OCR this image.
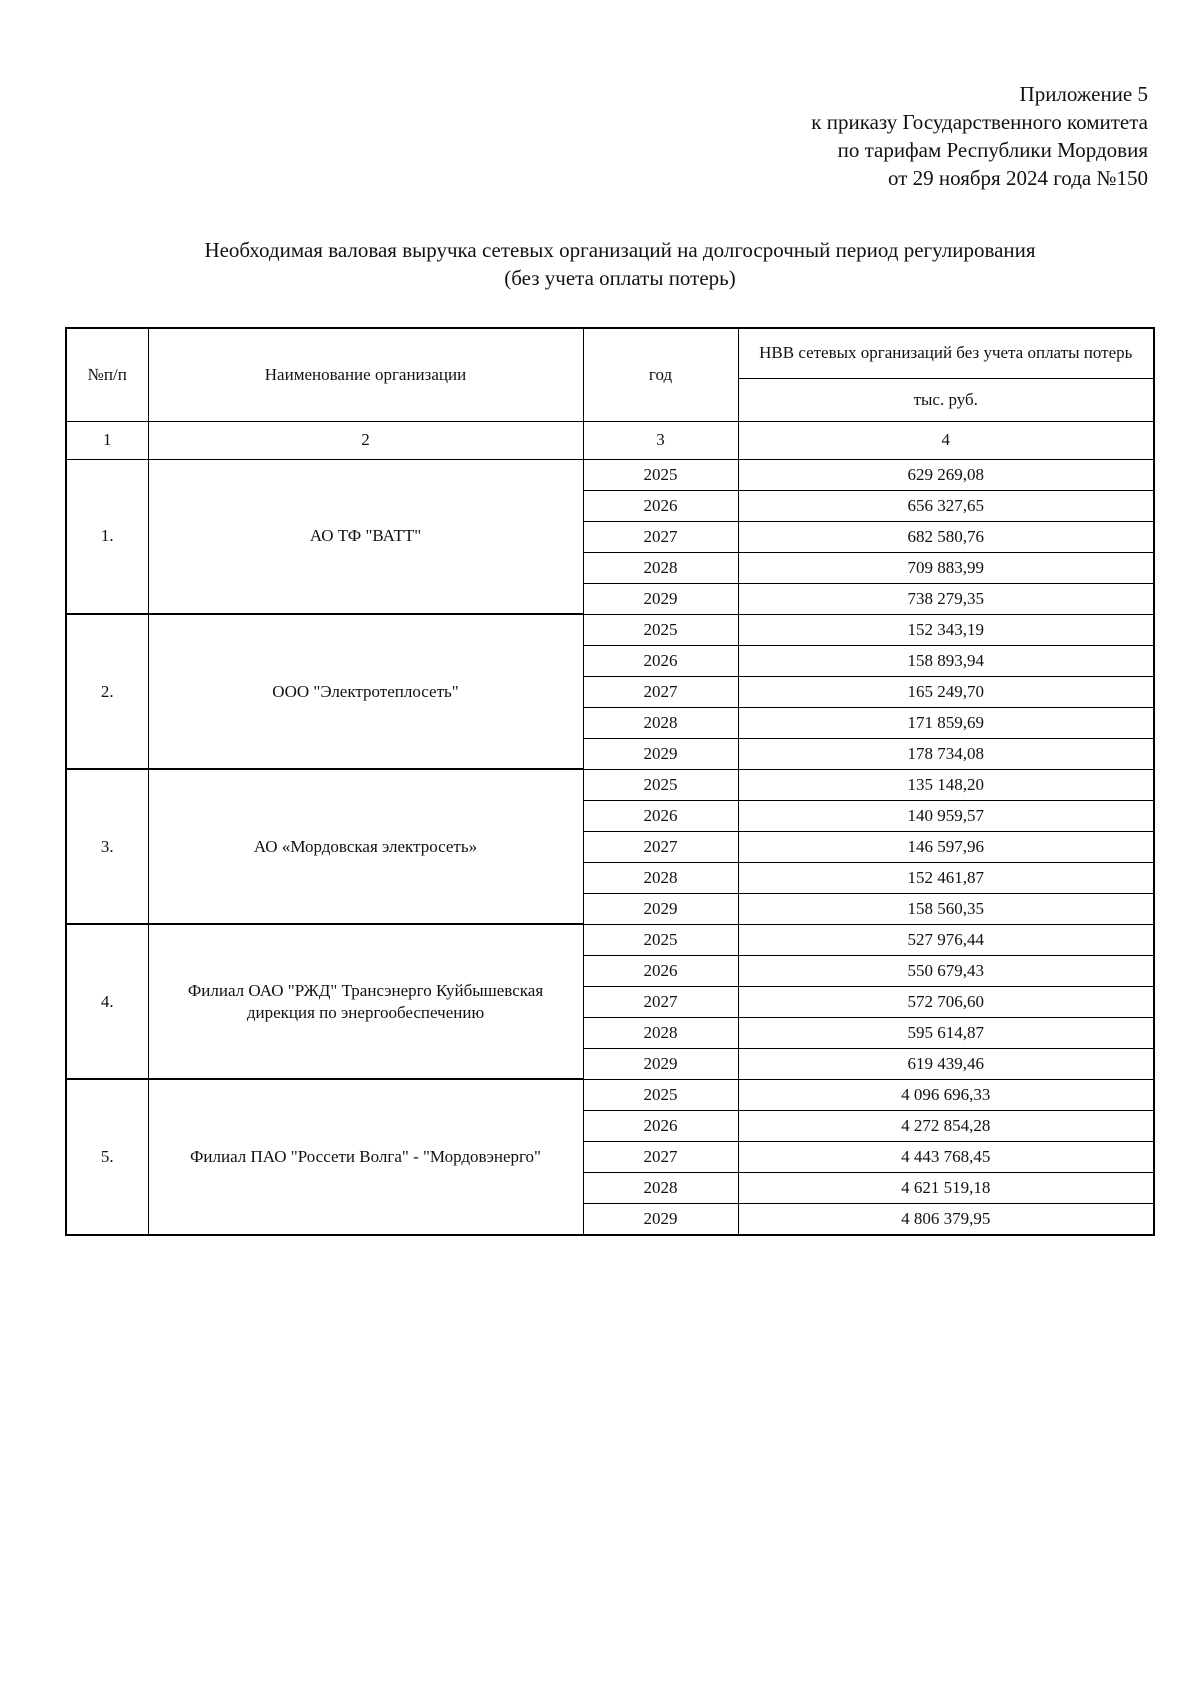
Приложение 5
к приказу Государственного комитета
по тарифам Республики Мордовия
от 29 ноября 2024 года №150
Необходимая валовая выручка сетевых организаций на долгосрочный период регулирования
(без учета оплаты потерь)
№п/п	Наименование организации	год	НВВ сетевых организаций без учета оплаты потерь
			тыс. руб.
1	2	3	4
1.	АО ТФ "ВАТТ"	2025	629 269,08
		2026	656 327,65
		2027	682 580,76
		2028	709 883,99
		2029	738 279,35
2.	ООО "Электротеплосеть"	2025	152 343,19
		2026	158 893,94
		2027	165 249,70
		2028	171 859,69
		2029	178 734,08
3.	АО «Мордовская электросеть»	2025	135 148,20
		2026	140 959,57
		2027	146 597,96
		2028	152 461,87
		2029	158 560,35
4.	Филиал ОАО "РЖД" Трансэнерго Куйбышевская дирекция по энергообеспечению	2025	527 976,44
		2026	550 679,43
		2027	572 706,60
		2028	595 614,87
		2029	619 439,46
5.	Филиал ПАО "Россети Волга" - "Мордовэнерго"	2025	4 096 696,33
		2026	4 272 854,28
		2027	4 443 768,45
		2028	4 621 519,18
		2029	4 806 379,95
